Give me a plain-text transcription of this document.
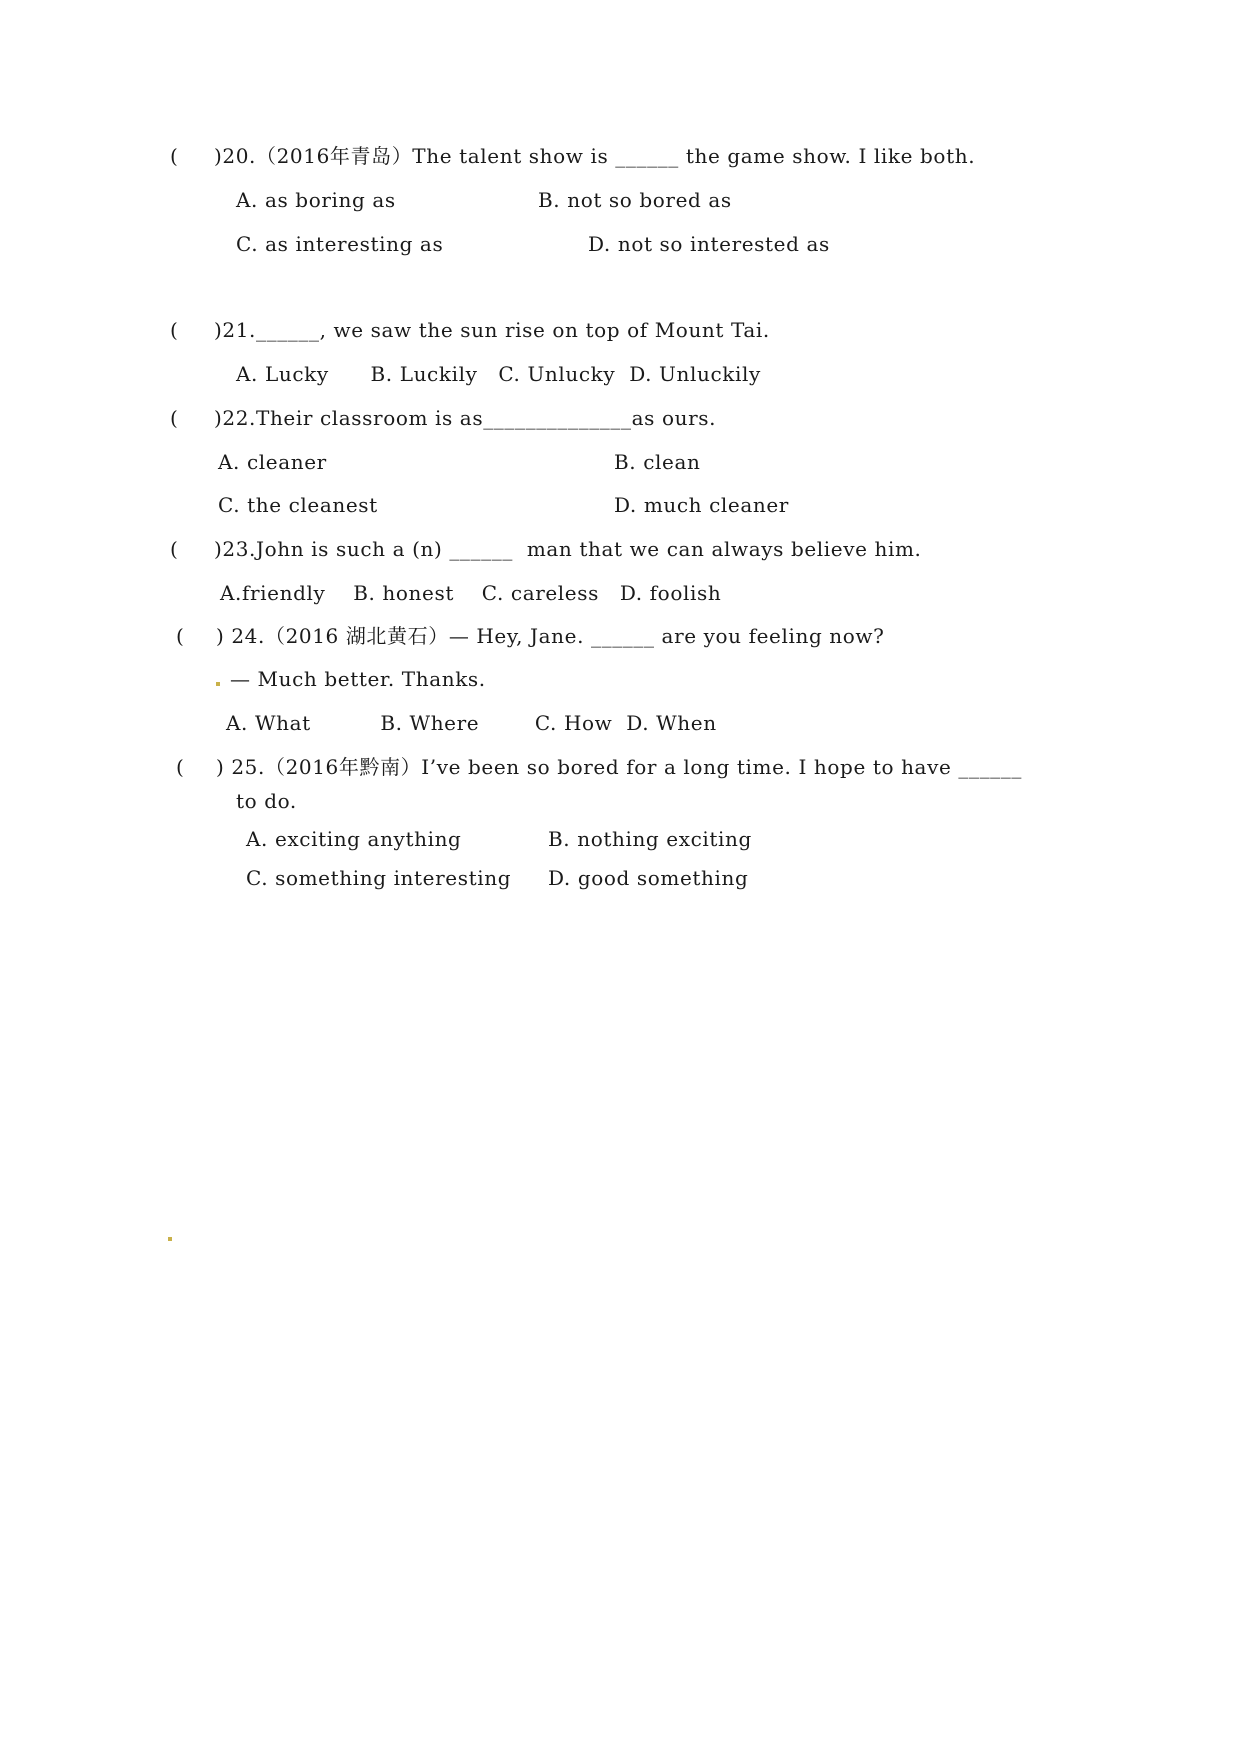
( )20.（2016年青岛）The talent show is ______ the game show. I like both.
A. as boring as	B. not so bored as
C. as interesting as	D. not so interested as
( )21.______, we saw the sun rise on top of Mount Tai.
A. Lucky      B. Luckily   C. Unlucky  D. Unluckily
( )22.Their classroom is as______________as ours.
A. cleaner	B. clean
C. the cleanest	D. much cleaner
( )23.John is such a (n) ______  man that we can always believe him.
A.friendly    B. honest    C. careless   D. foolish
( ) 24.（2016 湖北黄石）— Hey, Jane. ______ are you feeling now?
— Much better. Thanks.
A. What          B. Where        C. How  D. When
( ) 25.（2016年黔南）I’ve been so bored for a long time. I hope to have ______
to do.
A. exciting anything	B. nothing exciting
C. something interesting D. good something
